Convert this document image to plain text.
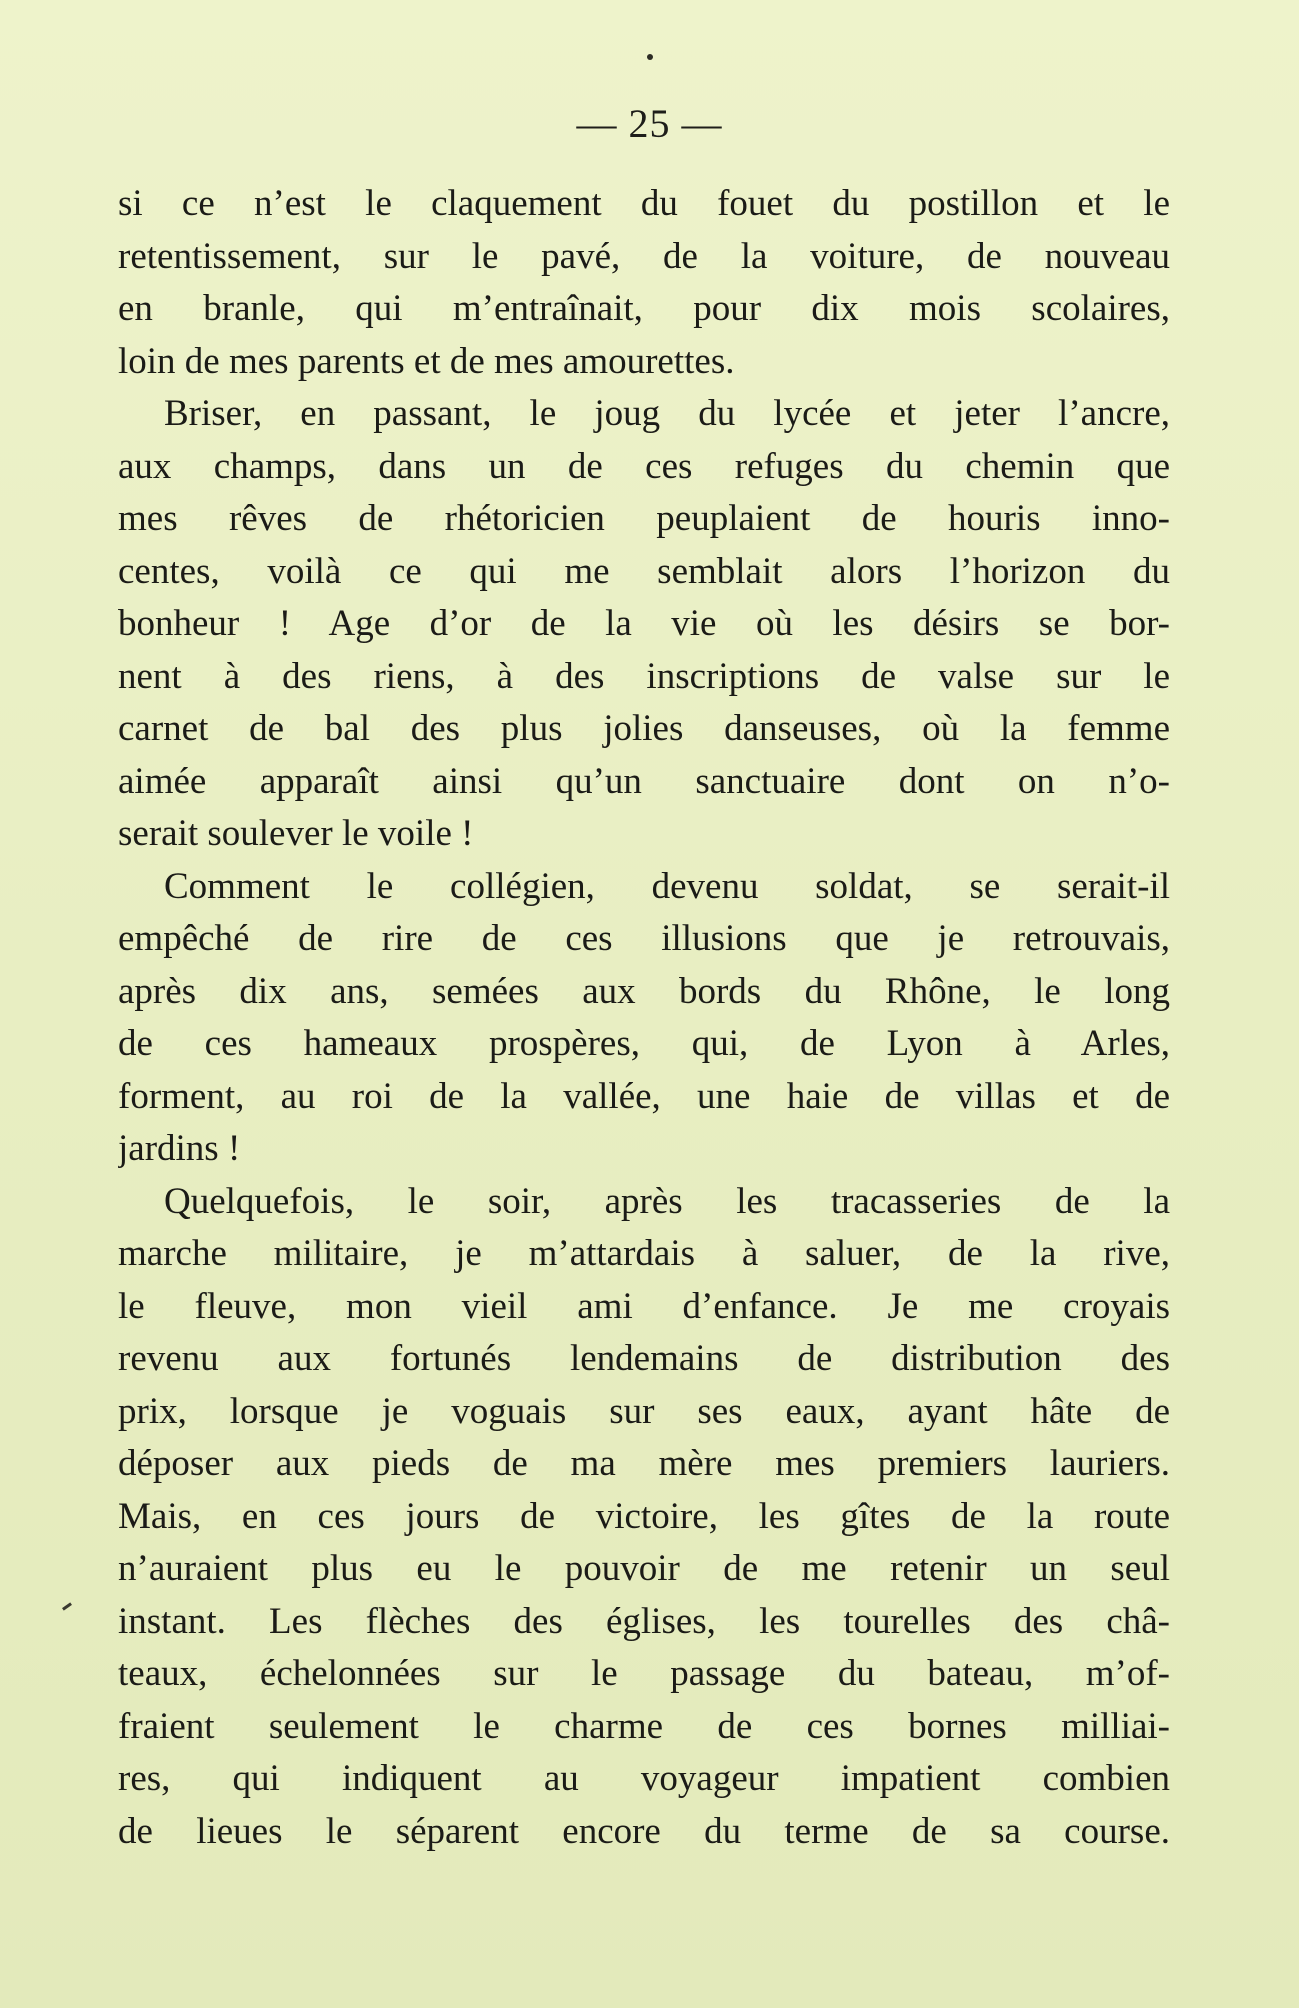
— 25 —
si ce n’est le claquement du fouet du postillon et le
retentissement, sur le pavé, de la voiture, de nouveau
en branle, qui m’entraînait, pour dix mois scolaires,
loin de mes parents et de mes amourettes.
Briser, en passant, le joug du lycée et jeter l’ancre,
aux champs, dans un de ces refuges du chemin que
mes rêves de rhétoricien peuplaient de houris inno-
centes, voilà ce qui me semblait alors l’horizon du
bonheur ! Age d’or de la vie où les désirs se bor-
nent à des riens, à des inscriptions de valse sur le
carnet de bal des plus jolies danseuses, où la femme
aimée apparaît ainsi qu’un sanctuaire dont on n’o-
serait soulever le voile !
Comment le collégien, devenu soldat, se serait-il
empêché de rire de ces illusions que je retrouvais,
après dix ans, semées aux bords du Rhône, le long
de ces hameaux prospères, qui, de Lyon à Arles,
forment, au roi de la vallée, une haie de villas et de
jardins !
Quelquefois, le soir, après les tracasseries de la
marche militaire, je m’attardais à saluer, de la rive,
le fleuve, mon vieil ami d’enfance. Je me croyais
revenu aux fortunés lendemains de distribution des
prix, lorsque je voguais sur ses eaux, ayant hâte de
déposer aux pieds de ma mère mes premiers lauriers.
Mais, en ces jours de victoire, les gîtes de la route
n’auraient plus eu le pouvoir de me retenir un seul
instant. Les flèches des églises, les tourelles des châ-
teaux, échelonnées sur le passage du bateau, m’of-
fraient seulement le charme de ces bornes milliai-
res, qui indiquent au voyageur impatient combien
de lieues le séparent encore du terme de sa course.
